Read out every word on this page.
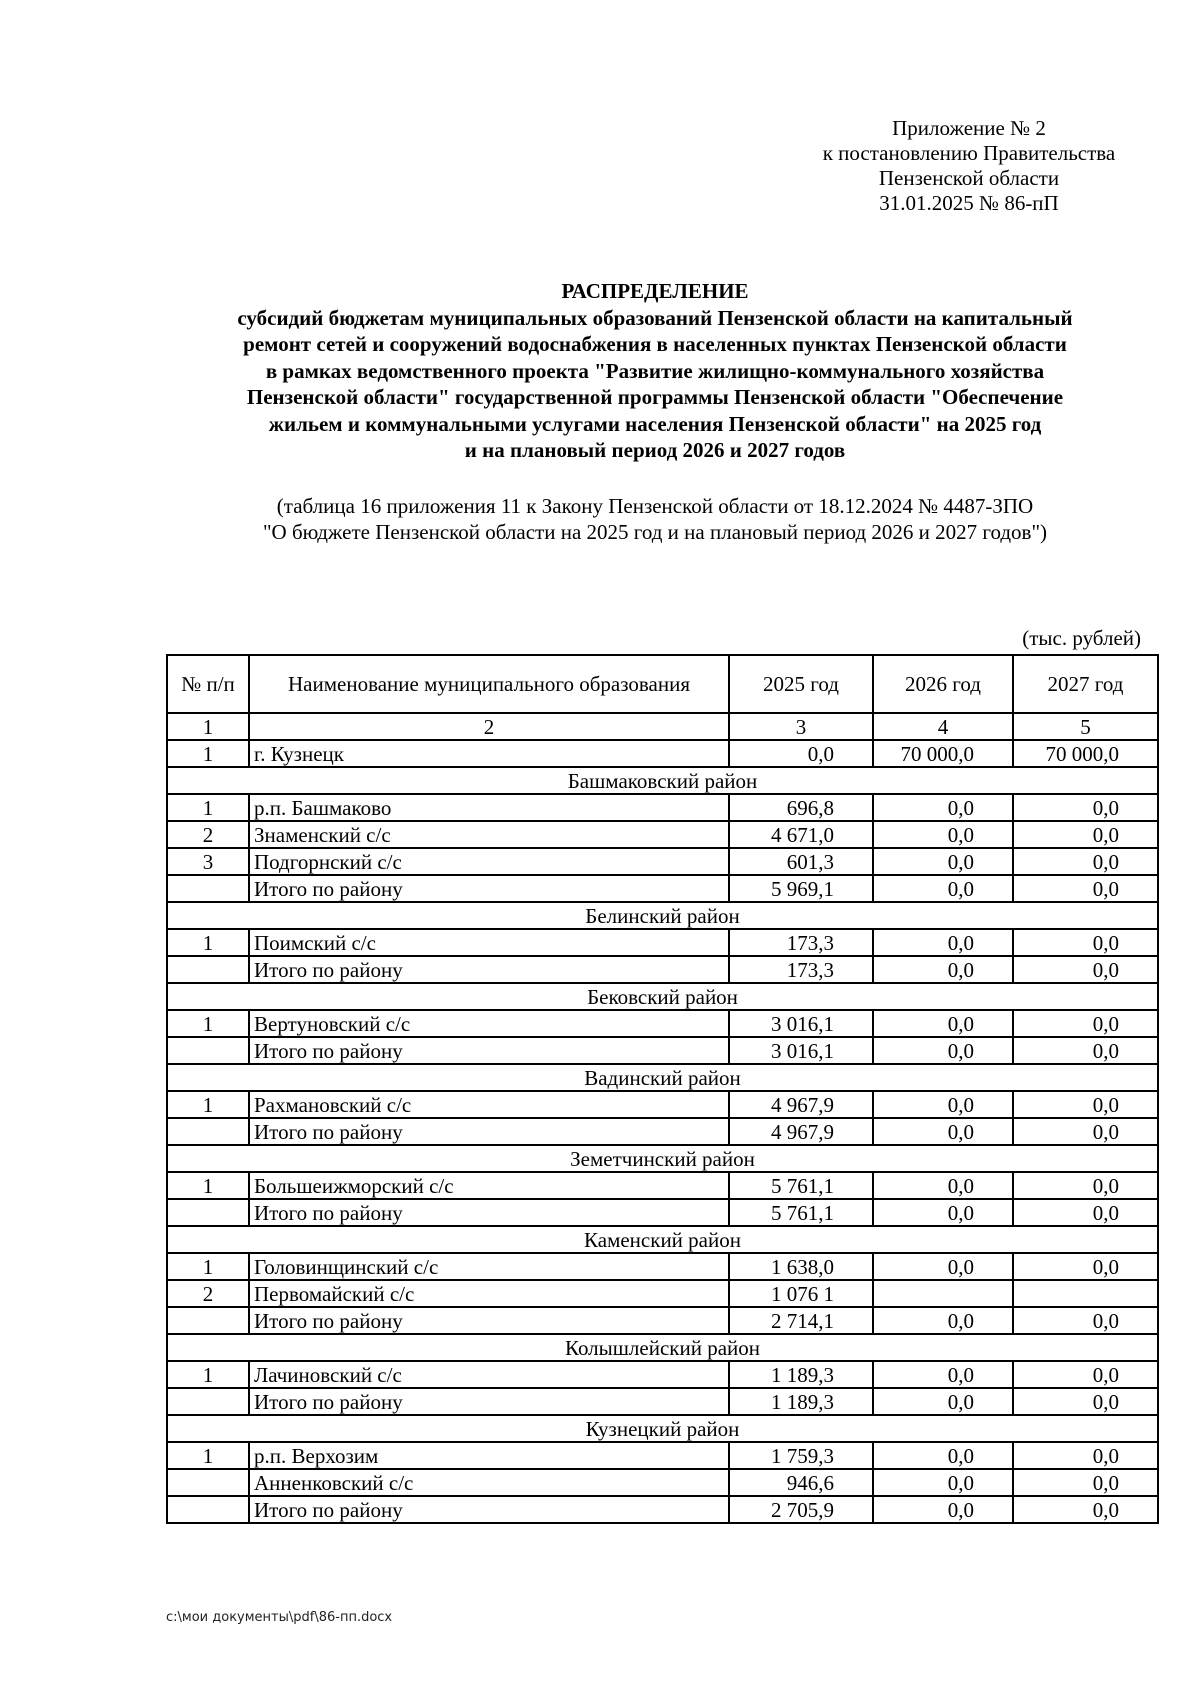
Приложение № 2
к постановлению Правительства
Пензенской области
31.01.2025 № 86-пП
РАСПРЕДЕЛЕНИЕ
субсидий бюджетам муниципальных образований Пензенской области на капитальный
ремонт сетей и сооружений водоснабжения в населенных пунктах Пензенской области
в рамках ведомственного проекта "Развитие жилищно-коммунального хозяйства
Пензенской области" государственной программы Пензенской области "Обеспечение
жильем и коммунальными услугами населения Пензенской области" на 2025 год
и на плановый период 2026 и 2027 годов
(таблица 16 приложения 11 к Закону Пензенской области от 18.12.2024 № 4487-ЗПО
"О бюджете Пензенской области на 2025 год и на плановый период 2026 и 2027 годов")
(тыс. рублей)
№ п/п	Наименование муниципального образования	2025 год	2026 год	2027 год
1	2	3	4	5
1	г. Кузнецк	0,0	70 000,0	70 000,0
Башмаковский район				
1	р.п. Башмаково	696,8	0,0	0,0
2	Знаменский с/с	4 671,0	0,0	0,0
3	Подгорнский с/с	601,3	0,0	0,0
	Итого по району	5 969,1	0,0	0,0
Белинский район				
1	Поимский с/с	173,3	0,0	0,0
	Итого по району	173,3	0,0	0,0
Бековский район				
1	Вертуновский с/с	3 016,1	0,0	0,0
	Итого по району	3 016,1	0,0	0,0
Вадинский район				
1	Рахмановский с/с	4 967,9	0,0	0,0
	Итого по району	4 967,9	0,0	0,0
Земетчинский район				
1	Большеижморский с/с	5 761,1	0,0	0,0
	Итого по району	5 761,1	0,0	0,0
Каменский район				
1	Головинщинский с/с	1 638,0	0,0	0,0
2	Первомайский с/с	1 076 1		
	Итого по району	2 714,1	0,0	0,0
Колышлейский район				
1	Лачиновский с/с	1 189,3	0,0	0,0
	Итого по району	1 189,3	0,0	0,0
Кузнецкий район				
1	р.п. Верхозим	1 759,3	0,0	0,0
	Анненковский с/с	946,6	0,0	0,0
	Итого по району	2 705,9	0,0	0,0
c:\мои документы\pdf\86-пп.docx
